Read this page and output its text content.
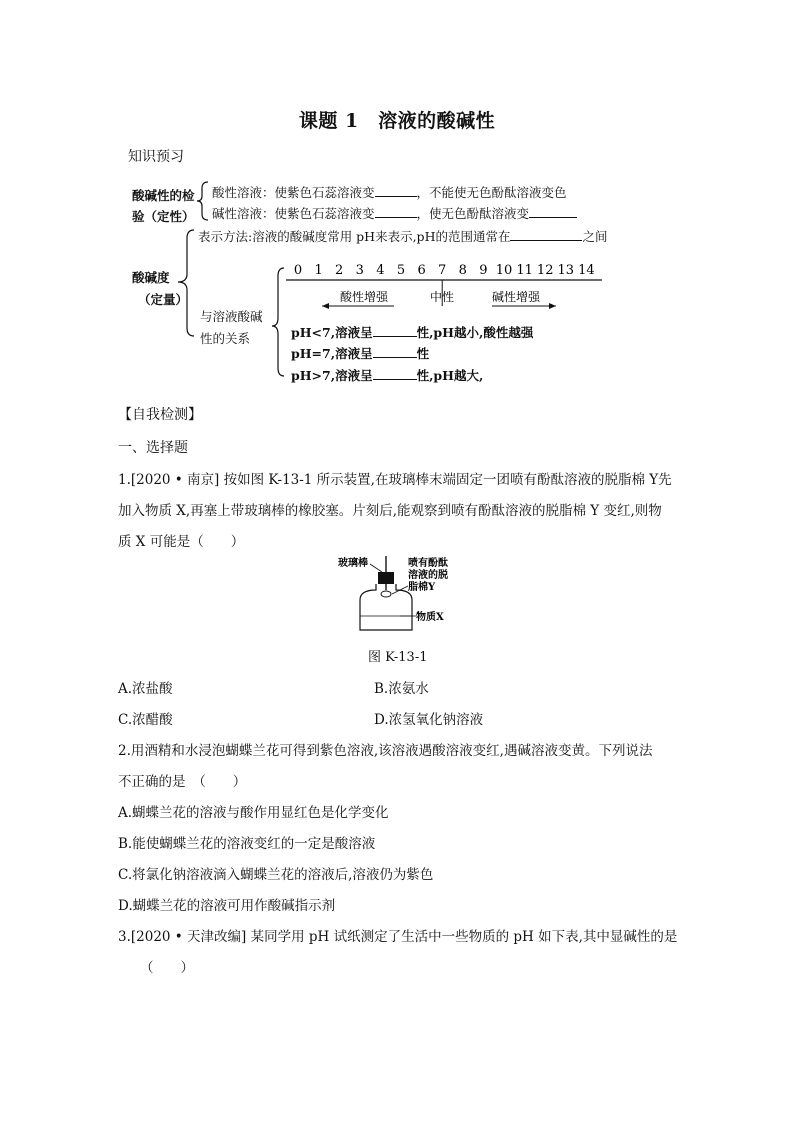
课题 1　溶液的酸碱性
知识预习
酸碱性的检
验（定性）
酸性溶液：使紫色石蕊溶液变	，不能使无色酚酞溶液变色
碱性溶液：使紫色石蕊溶液变	，使无色酚酞溶液变
酸碱度
（定量）
表示方法:溶液的酸碱度常用 pH来表示,pH的范围通常在	之间
与溶液酸碱
性的关系
0 1 2 3 4 5 6 7 8 9 10 11 12 13 14
酸性增强	中性	碱性增强
pH<7,溶液呈	性,pH越小,酸性越强
pH=7,溶液呈	性
pH>7,溶液呈	性,pH越大,
【自我检测】
一、选择题
1.[2020 • 南京] 按如图 K-13-1 所示装置,在玻璃棒末端固定一团喷有酚酞溶液的脱脂棉 Y先
加入物质 X,再塞上带玻璃棒的橡胶塞。片刻后,能观察到喷有酚酞溶液的脱脂棉 Y 变红,则物
质 X 可能是（　　）
玻璃棒	喷有酚酞
溶液的脱
脂棉Y
物质X
图 K-13-1
A.浓盐酸	B.浓氨水
C.浓醋酸	D.浓氢氧化钠溶液
2.用酒精和水浸泡蝴蝶兰花可得到紫色溶液,该溶液遇酸溶液变红,遇碱溶液变黄。下列说法
不正确的是　（　　）
A.蝴蝶兰花的溶液与酸作用显红色是化学变化
B.能使蝴蝶兰花的溶液变红的一定是酸溶液
C.将氯化钠溶液滴入蝴蝶兰花的溶液后,溶液仍为紫色
D.蝴蝶兰花的溶液可用作酸碱指示剂
3.[2020 • 天津改编] 某同学用 pH 试纸测定了生活中一些物质的 pH 如下表,其中显碱性的是
（　　）
